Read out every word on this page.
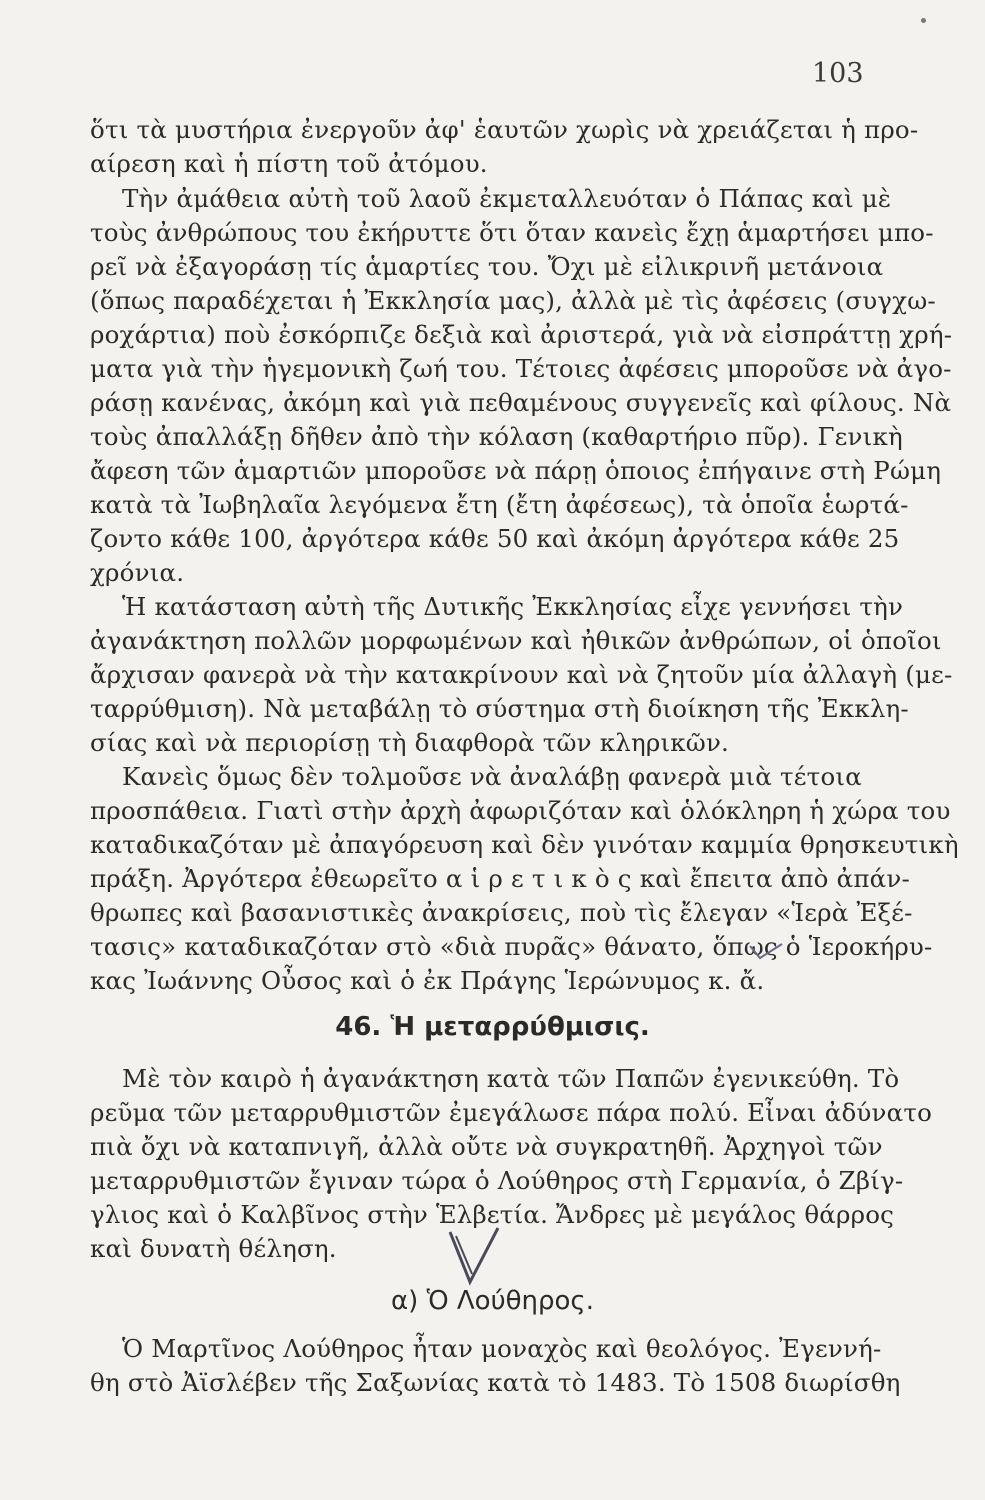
103
ὅτι τὰ μυστήρια ἐνεργοῦν ἀφ' ἑαυτῶν χωρὶς νὰ χρειάζεται ἡ προ-
αίρεση καὶ ἡ πίστη τοῦ ἀτόμου.
Τὴν ἀμάθεια αὐτὴ τοῦ λαοῦ ἐκμεταλλευόταν ὁ Πάπας καὶ μὲ
τοὺς ἀνθρώπους του ἐκήρυττε ὅτι ὅταν κανεὶς ἔχῃ ἁμαρτήσει μπο-
ρεῖ νὰ ἐξαγοράσῃ τίς ἁμαρτίες του. Ὄχι μὲ εἰλικρινῆ μετάνοια
(ὅπως παραδέχεται ἡ Ἐκκλησία μας), ἀλλὰ μὲ τὶς ἀφέσεις (συγχω-
ροχάρτια) ποὺ ἐσκόρπιζε δεξιὰ καὶ ἀριστερά, γιὰ νὰ εἰσπράττῃ χρή-
ματα γιὰ τὴν ἡγεμονικὴ ζωή του. Τέτοιες ἀφέσεις μποροῦσε νὰ ἀγο-
ράσῃ κανένας, ἀκόμη καὶ γιὰ πεθαμένους συγγενεῖς καὶ φίλους. Νὰ
τοὺς ἀπαλλάξῃ δῆθεν ἀπὸ τὴν κόλαση (καθαρτήριο πῦρ). Γενικὴ
ἄφεση τῶν ἁμαρτιῶν μποροῦσε νὰ πάρῃ ὁποιος ἐπήγαινε στὴ Ρώμη
κατὰ τὰ Ἰωβηλαῖα λεγόμενα ἔτη (ἔτη ἀφέσεως), τὰ ὁποῖα ἑωρτά-
ζοντο κάθε 100, ἀργότερα κάθε 50 καὶ ἀκόμη ἀργότερα κάθε 25
χρόνια.
Ἡ κατάσταση αὐτὴ τῆς Δυτικῆς Ἐκκλησίας εἶχε γεννήσει τὴν
ἀγανάκτηση πολλῶν μορφωμένων καὶ ἠθικῶν ἀνθρώπων, οἱ ὁποῖοι
ἄρχισαν φανερὰ νὰ τὴν κατακρίνουν καὶ νὰ ζητοῦν μία ἀλλαγὴ (με-
ταρρύθμιση). Νὰ μεταβάλῃ τὸ σύστημα στὴ διοίκηση τῆς Ἐκκλη-
σίας καὶ νὰ περιορίσῃ τὴ διαφθορὰ τῶν κληρικῶν.
Κανεὶς ὅμως δὲν τολμοῦσε νὰ ἀναλάβῃ φανερὰ μιὰ τέτοια
προσπάθεια. Γιατὶ στὴν ἀρχὴ ἀφωριζόταν καὶ ὁλόκληρη ἡ χώρα του
καταδικαζόταν μὲ ἀπαγόρευση καὶ δὲν γινόταν καμμία θρησκευτικὴ
πράξη. Ἀργότερα ἐθεωρεῖτο α ἱ ρ ε τ ι κ ὸ ς καὶ ἔπειτα ἀπὸ ἀπάν-
θρωπες καὶ βασανιστικὲς ἀνακρίσεις, ποὺ τὶς ἔλεγαν «Ἱερὰ Ἐξέ-
τασις» καταδικαζόταν στὸ «διὰ πυρᾶς» θάνατο, ὅπως ὁ Ἱεροκήρυ-
κας Ἰωάννης Οὖσος καὶ ὁ ἐκ Πράγης Ἱερώνυμος κ. ἄ.
46. Ἡ μεταρρύθμισις.
Μὲ τὸν καιρὸ ἡ ἀγανάκτηση κατὰ τῶν Παπῶν ἐγενικεύθη. Τὸ
ρεῦμα τῶν μεταρρυθμιστῶν ἐμεγάλωσε πάρα πολύ. Εἶναι ἀδύνατο
πιὰ ὄχι νὰ καταπνιγῆ, ἀλλὰ οὔτε νὰ συγκρατηθῆ. Ἀρχηγοὶ τῶν
μεταρρυθμιστῶν ἔγιναν τώρα ὁ Λούθηρος στὴ Γερμανία, ὁ Ζβίγ-
γλιος καὶ ὁ Καλβῖνος στὴν Ἑλβετία. Ἄνδρες μὲ μεγάλος θάρρος
καὶ δυνατὴ θέληση.
α) Ὁ Λούθηρος.
Ὁ Μαρτῖνος Λούθηρος ἦταν μοναχὸς καὶ θεολόγος. Ἐγεννή-
θη στὸ Ἀϊσλέβεν τῆς Σαξωνίας κατὰ τὸ 1483. Τὸ 1508 διωρίσθη
